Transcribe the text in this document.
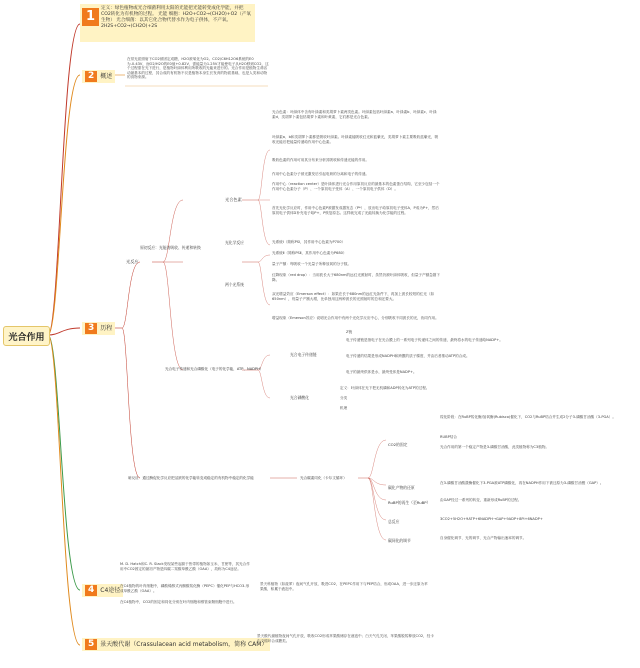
光合作用
1
定义：绿色植物或光合细菌利用太阳的光能把光能转变成化学能，并把CO2转化为有机物的过程。 光能 细胞：H2O+CO2→(CH2O)+O2（产氧生物） 光合细菌：以其它化合物代替水作为电子供体，不产氧。2H2S+CO2→(CH2O)+2S
2	概述
3	历程
4	C4途径
5	景天酸代谢（Crassulacean acid metabolism，简称 CAM）
在常光质照射下CO2被固定成糖，H2O被氧化为O2。CO2/C6H12O6系统的E0为-0.43V，而O2/H2O的E0值+0.82V，需能量为1.25V才能使电子从H2O移到CO2，这个过程需在光下进行，是植物叶绿体利用所吸收的光能来进行的。光合作用是植物生命活动最基本的过程，其合成的有机物不仅是植物本身生长发育的物质基础，也是人类和动物的食物来源。
光反应
原初反应：光能的吸收、传递和转换
光合色素
光化学反应
两个光系统
光合色素：叶绿体中含有叶绿素和类胡萝卜素两类色素。叶绿素包括叶绿素a、叶绿素b、叶绿素c、叶绿素d，类胡萝卜素包括胡萝卜素和叶黄素，它们都是光合色素。
叶绿素a、b和类胡萝卜素都是吸收叶绿素。叶绿素能吸收红光和蓝紫光，类胡萝卜素主要吸收蓝紫光，吸收光能后把能量传递给作用中心色素。
吸收色素的作用可用其分布来分析其吸收和传递光能的作用。
作用中心色素分子被光激发后引起电荷的分离和电子的传递。
作用中心（reaction center）是叶绿体进行光合作用原初反应的最基本的色素蛋白结构，它至少包括一个作用中心色素分子（P）、一个原初电子受体（A）、一个原初电子供体（D）。
首先光化学反应时，作用中心色素P被激发成激发态（P*），放出电子给原初电子受体A，P成为P+，然后原初电子供体D补充电子给P+，P恢复原态。这样就完成了光能转换为化学能的过程。
光系统Ⅰ（简称PSⅠ，其作用中心色素为P700）
光系统Ⅱ（简称PSⅡ，其作用中心色素为P680）
量子产额：每吸收一个光量子所释放氧的分子数。
红降现象（red drop）：当用波长大于680nm的远红光照射时，虽然仍被叶绿体吸收，但量子产额急剧下降。
双光增益效应（Emerson effect）：如果在长于680nm的远红光条件下，再加上波长较短的红光（如650nm），则量子产额大增，比单独用这两种波长的光照射时的总和还要大。
增益现象（Emerson效应）说明光合作用中有两个光化学反应中心，分别吸收不同波长的光，协同作用。
光合电子传递和光合磷酸化（电子的化学能，ATP、NADPH）
光合电子传递链
光合磷酸化
Z链
电子传递链是指电子在光合膜上的一系列电子传递体之间的传递，最终将水的电子传递给NADP+。
电子传递的结果是形成NADPH和跨膜的质子梯度，并由后者推动ATP的合成。
电子的最终供体是水，最终受体是NADP+。
定义：叶绿体在光下把无机磷和ADP转化为ATP的过程。
分类
机理
暗反应：通过酶促化学反应把活跃的化学能转变成稳定的有机物中稳定的化学能	光合碳素同化（卡尔文循环）
CO2的固定
碳化产物的还原
RuBP的再生（至RuBP）
总反应
碳同化的调节
羧化阶段：在RuBP羧化酶/加氧酶(Rubisco)催化下，CO2与RuBP结合并生成2分子3-磷酸甘油酸（3-PGA）。
RUBP结合
光合作用的第一个稳定产物是3-磷酸甘油酸，此类植物称为C3植物。
在3-磷酸甘油酸激酶催化下3-PGA被ATP磷酸化，再在NADPH作用下被还原为3-磷酸甘油醛（GAP）。
由GAP经过一系列的转变，重新形成RuBP的过程。
3CO2+5H2O+9ATP+6NADPH→GAP+9ADP+8Pi+6NADP+
自身催化调节、光的调节、光合产物输出速率的调节。
M. D. Hatch和C. R. Slack发现某些起源于热带的植物如玉米、甘蔗等，其光合作用中CO2固定的最初产物是四碳二羧酸草酰乙酸（OAA），故称为C4途径。
在C4植物的叶肉细胞中，磷酸烯醇式丙酮酸羧化酶（PEPC）催化PEP与HCO3-形成草酰乙酸（OAA）。
在C4植物中，CO2的固定和同化分别在叶肉细胞和维管束鞘细胞中进行。
景天科植物（如菠萝）夜间气孔开放，吸进CO2，在PEPC作用下与PEP结合，形成OAA，进一步还原为苹果酸，积累于液泡中。
景天酸代谢植物夜间气孔开放，吸收CO2形成苹果酸储存在液泡中；白天气孔关闭，苹果酸脱羧释放CO2，经卡尔文循环合成糖类。
